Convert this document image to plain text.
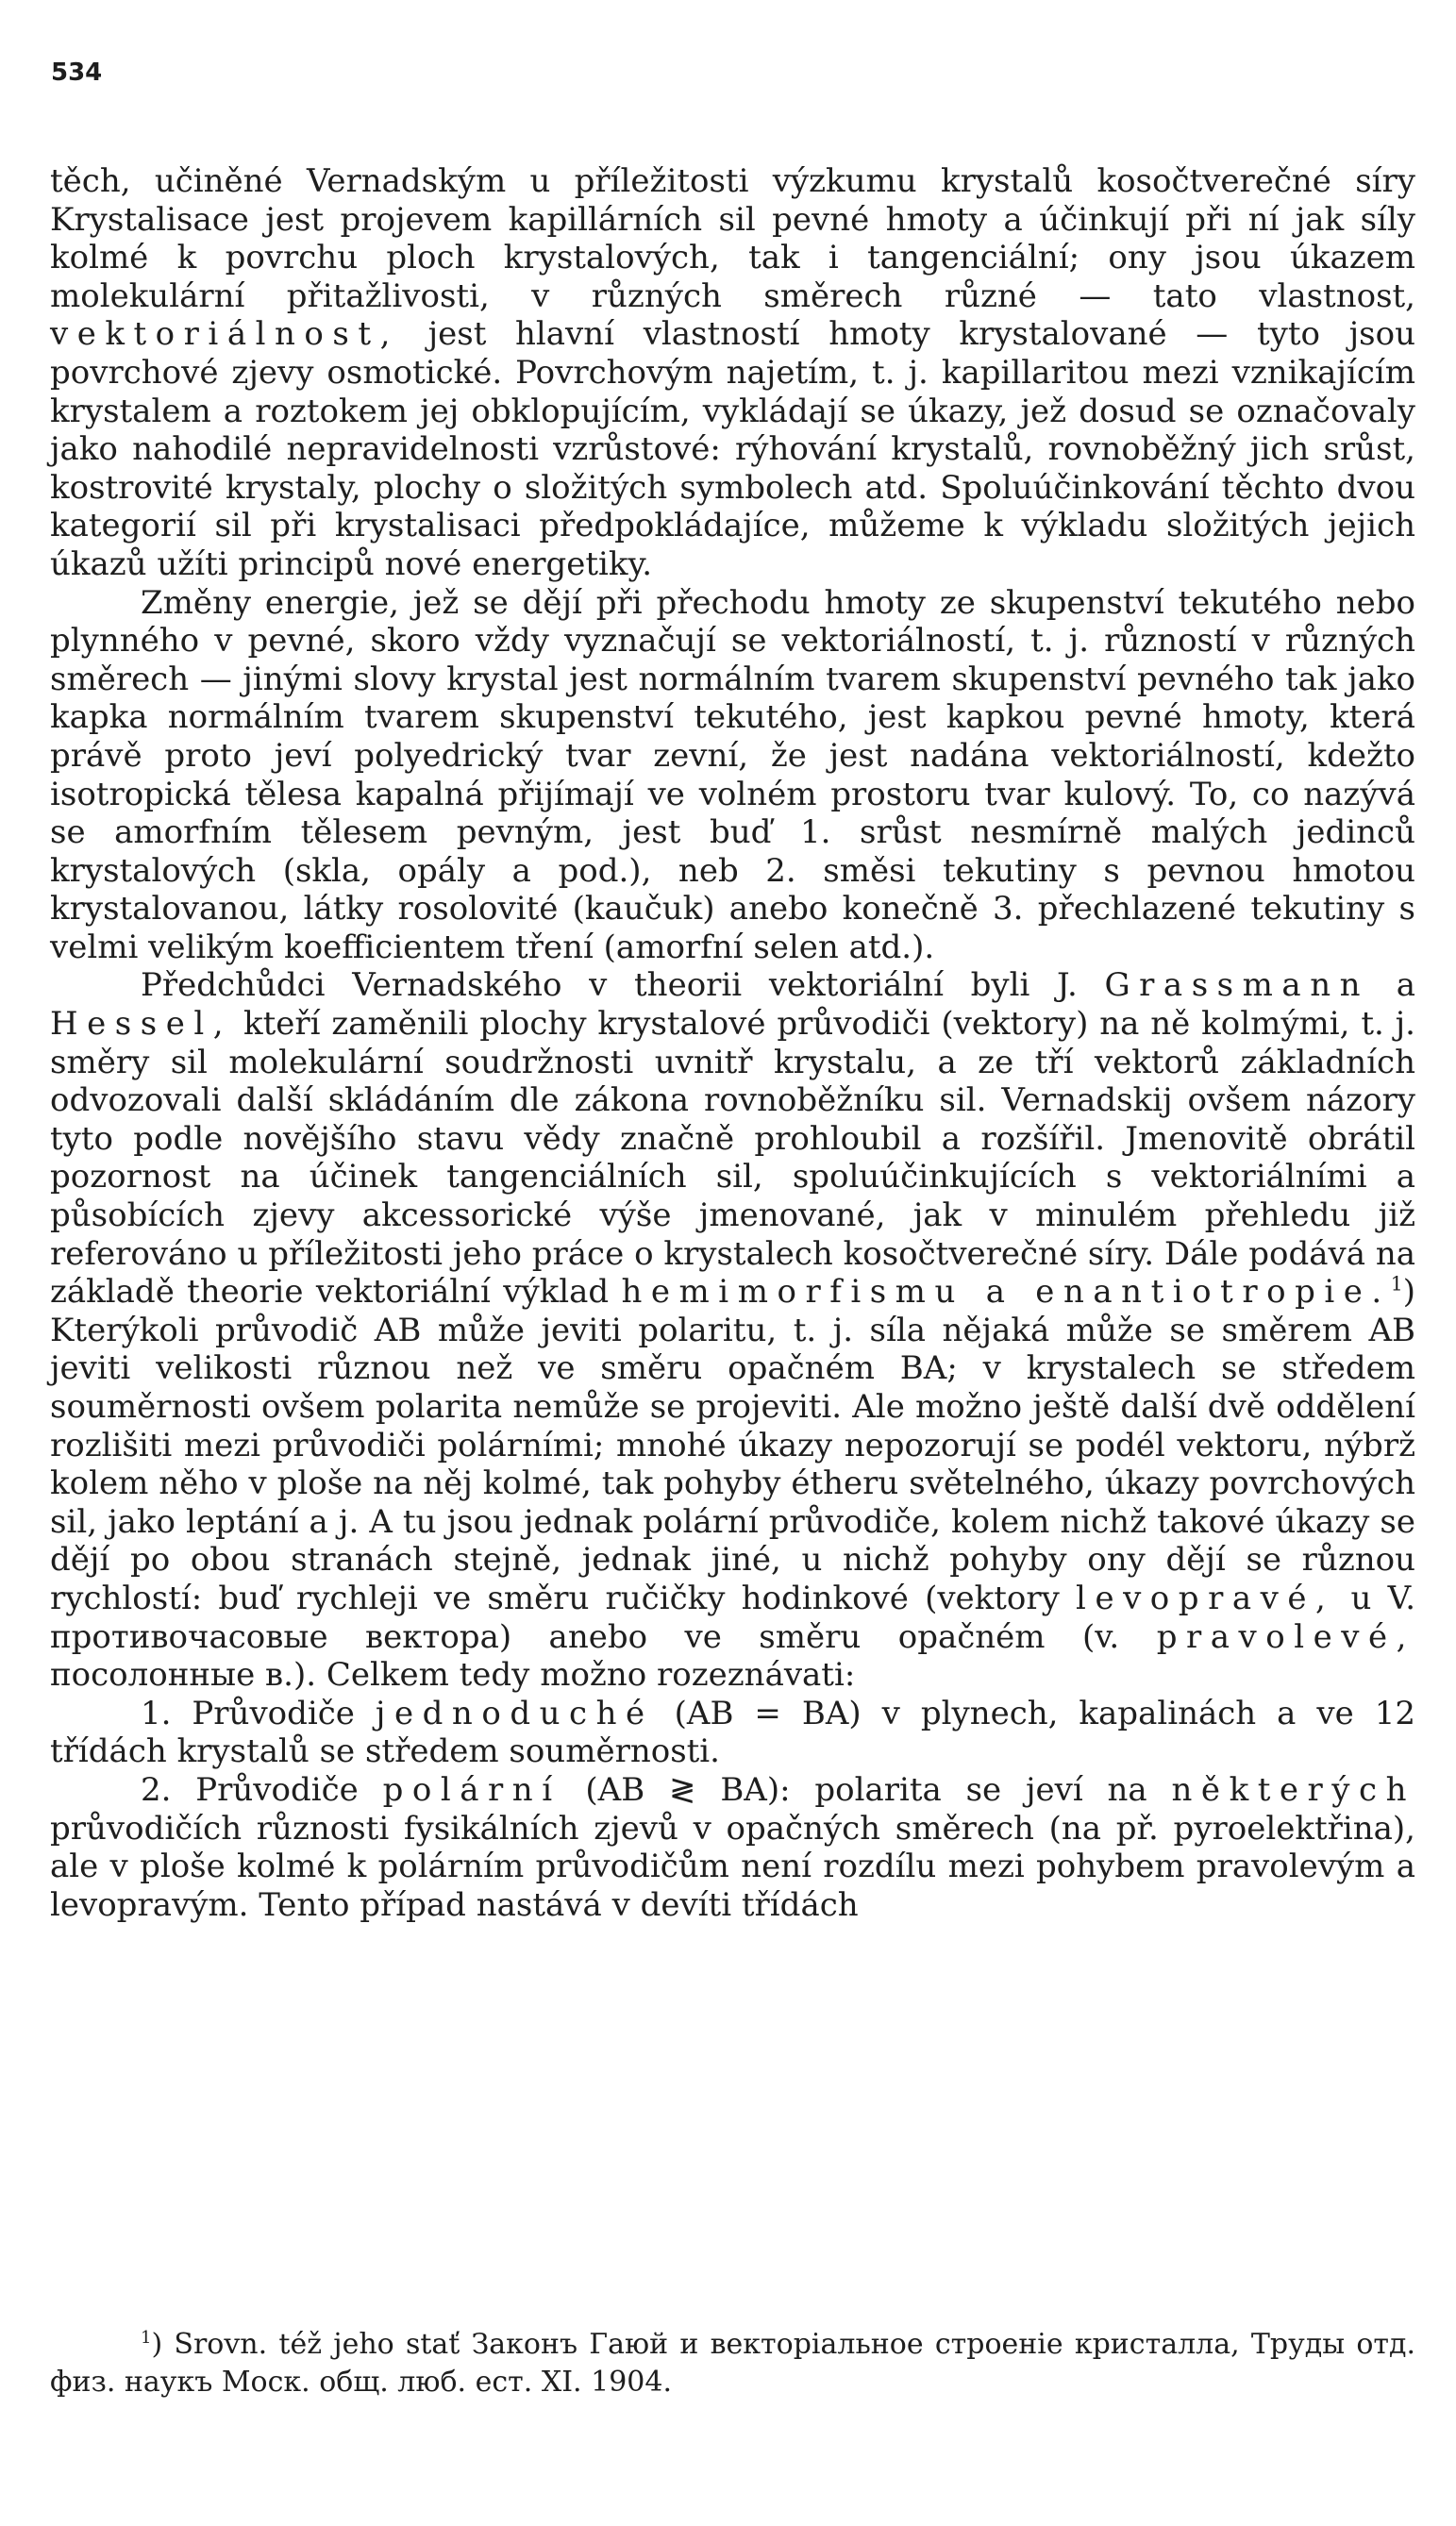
534

těch, učiněné Vernadským u příležitosti výzkumu krystalů kosočtverečné síry Krystalisace jest projevem kapillárních sil pevné hmoty a účinkují při ní jak síly kolmé k povrchu ploch krystalových, tak i tangenciální; ony jsou úkazem molekulární přitažlivosti, v různých směrech různé — tato vlastnost, vektoriálnost, jest hlavní vlastností hmoty krystalované — tyto jsou povrchové zjevy osmotické. Povrchovým najetím, t. j. kapillaritou mezi vznikajícím krystalem a roztokem jej obklopujícím, vykládají se úkazy, jež dosud se označovaly jako nahodilé nepravidelnosti vzrůstové: rýhování krystalů, rovnoběžný jich srůst, kostrovité krystaly, plochy o složitých symbolech atd. Spoluúčinkování těchto dvou kategorií sil při krystalisaci předpokládajíce, můžeme k výkladu složitých jejich úkazů užíti principů nové energetiky.

Změny energie, jež se dějí při přechodu hmoty ze skupenství tekutého nebo plynného v pevné, skoro vždy vyznačují se vektoriálností, t. j. růzností v různých směrech — jinými slovy krystal jest normálním tvarem skupenství pevného tak jako kapka normálním tvarem skupenství tekutého, jest kapkou pevné hmoty, která právě proto jeví polyedrický tvar zevní, že jest nadána vektoriálností, kdežto isotropická tělesa kapalná přijímají ve volném prostoru tvar kulový. To, co nazývá se amorfním tělesem pevným, jest buď 1. srůst nesmírně malých jedinců krystalových (skla, opály a pod.), neb 2. směsi tekutiny s pevnou hmotou krystalovanou, látky rosolovité (kaučuk) anebo konečně 3. přechlazené tekutiny s velmi velikým koefficientem tření (amorfní selen atd.).

Předchůdci Vernadského v theorii vektoriální byli J. Grassmann a Hessel, kteří zaměnili plochy krystalové průvodiči (vektory) na ně kolmými, t. j. směry sil molekulární soudržnosti uvnitř krystalu, a ze tří vektorů základních odvozovali další skládáním dle zákona rovnoběžníku sil. Vernadskij ovšem názory tyto podle novějšího stavu vědy značně prohloubil a rozšířil. Jmenovitě obrátil pozornost na účinek tangenciálních sil, spoluúčinkujících s vektoriálními a působících zjevy akcessorické výše jmenované, jak v minulém přehledu již referováno u příležitosti jeho práce o krystalech kosočtverečné síry. Dále podává na základě theorie vektoriální výklad hemimorfismu a enantiotropie.$^1$) Kterýkoli průvodič AB může jeviti polaritu, t. j. síla nějaká může se směrem AB jeviti velikosti různou než ve směru opačném BA; v krystalech se středem souměrnosti ovšem polarita nemůže se projeviti. Ale možno ještě další dvě oddělení rozlišiti mezi průvodiči polárními; mnohé úkazy nepozorují se podél vektoru, nýbrž kolem něho v ploše na něj kolmé, tak pohyby étheru světelného, úkazy povrchových sil, jako leptání a j. A tu jsou jednak polární průvodiče, kolem nichž takové úkazy se dějí po obou stranách stejně, jednak jiné, u nichž pohyby ony dějí se různou rychlostí: buď rychleji ve směru ručičky hodinkové (vektory levopravé, u V. противочасовые вектора) anebo ve směru opačném (v. pravolevé, посолонные в.). Celkem tedy možno rozeznávati:

1. Průvodiče jednoduché (AB = BA) v plynech, kapalinách a ve 12 třídách krystalů se středem souměrnosti.

2. Průvodiče polární (AB ≷ BA): polarita se jeví na některých průvodičích různosti fysikálních zjevů v opačných směrech (na př. pyroelektřina), ale v ploše kolmé k polárním průvodičům není rozdílu mezi pohybem pravolevým a levopravým. Tento případ nastává v devíti třídách

$^1$) Srovn. též jeho stať Законъ Гаюй и векторіальное строеніе кристалла, Труды отд. физ. наукъ Моск. общ. люб. ест. XI. 1904.
